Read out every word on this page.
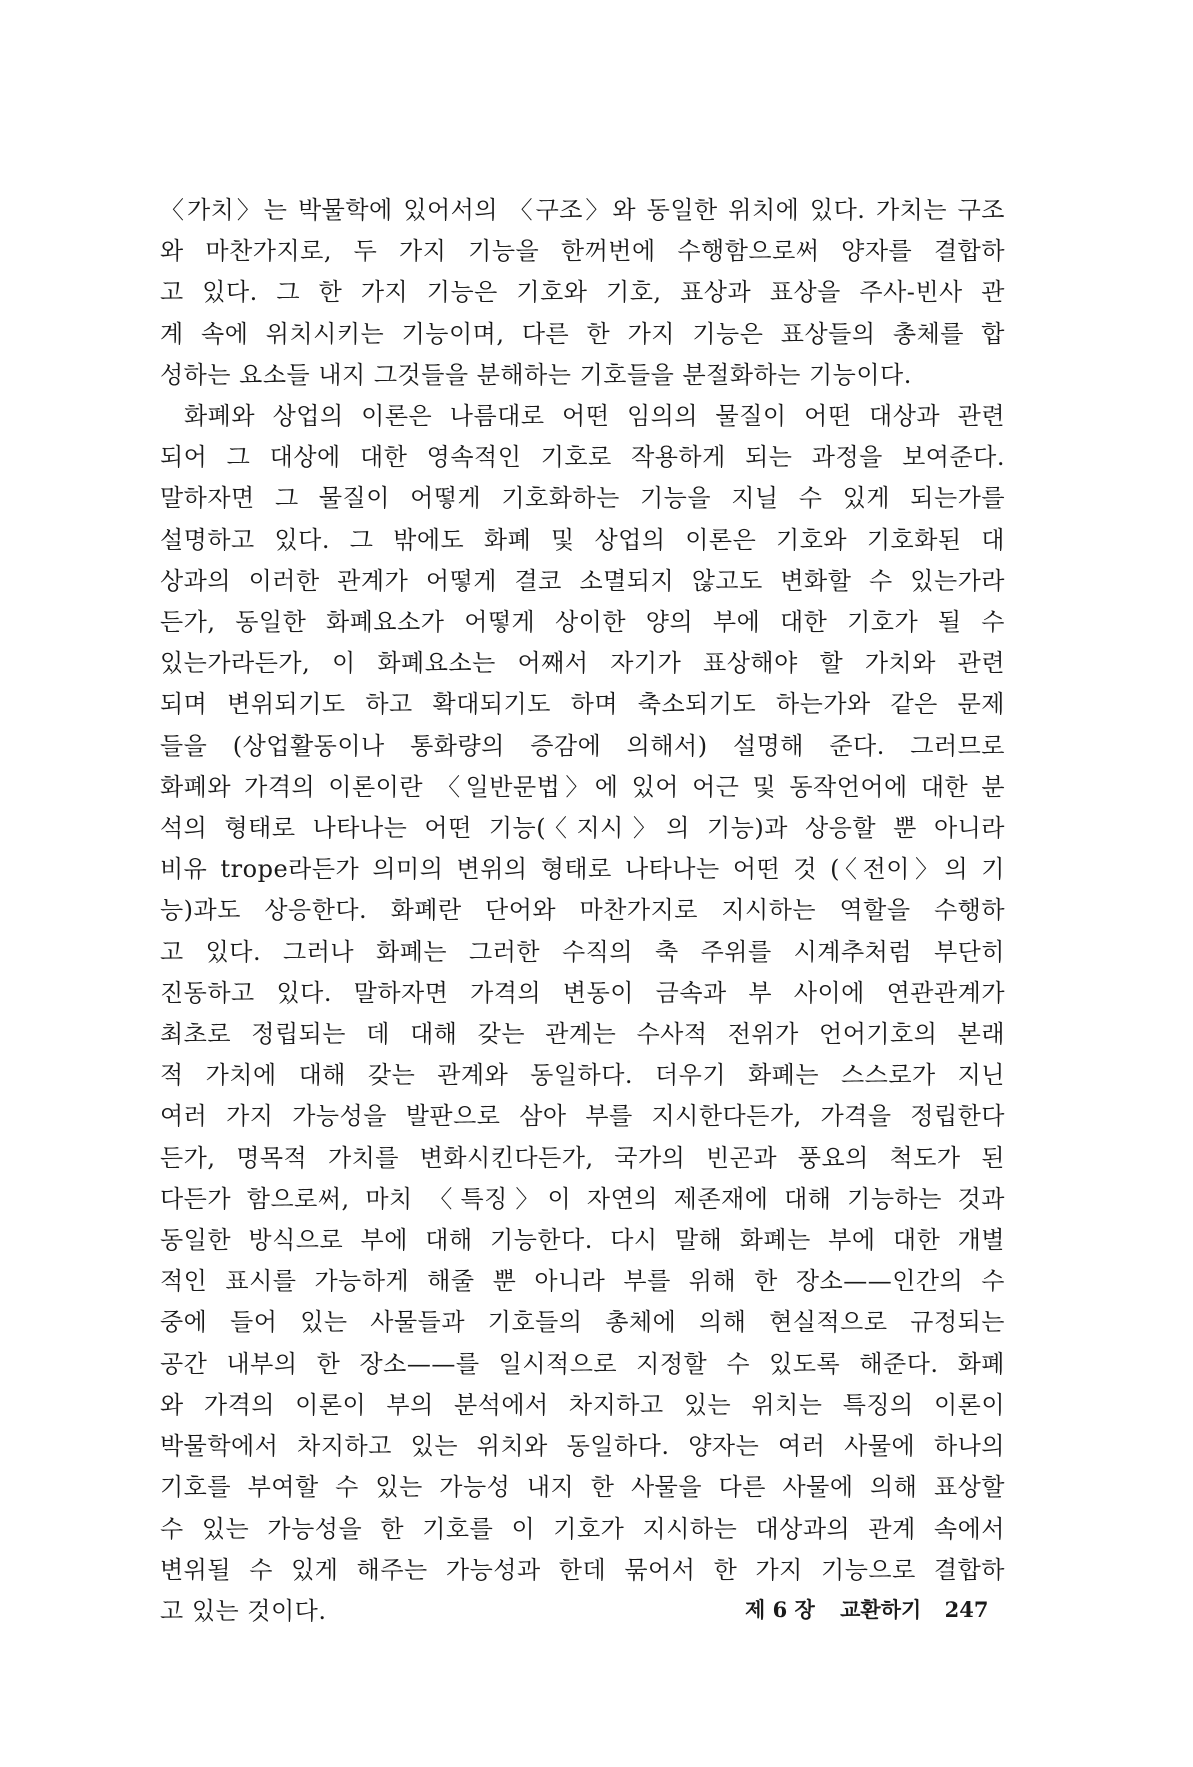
〈가치〉는 박물학에 있어서의 〈구조〉와 동일한 위치에 있다. 가치는 구조

와 마찬가지로, 두 가지 기능을 한꺼번에 수행함으로써 양자를 결합하

고 있다. 그 한 가지 기능은 기호와 기호, 표상과 표상을 주사-빈사 관

계 속에 위치시키는 기능이며, 다른 한 가지 기능은 표상들의 총체를 합

성하는 요소들 내지 그것들을 분해하는 기호들을 분절화하는 기능이다.

화폐와 상업의 이론은 나름대로 어떤 임의의 물질이 어떤 대상과 관련

되어 그 대상에 대한 영속적인 기호로 작용하게 되는 과정을 보여준다.

말하자면 그 물질이 어떻게 기호화하는 기능을 지닐 수 있게 되는가를

설명하고 있다. 그 밖에도 화폐 및 상업의 이론은 기호와 기호화된 대

상과의 이러한 관계가 어떻게 결코 소멸되지 않고도 변화할 수 있는가라

든가, 동일한 화폐요소가 어떻게 상이한 양의 부에 대한 기호가 될 수

있는가라든가, 이 화폐요소는 어째서 자기가 표상해야 할 가치와 관련

되며 변위되기도 하고 확대되기도 하며 축소되기도 하는가와 같은 문제

들을 (상업활동이나 통화량의 증감에 의해서) 설명해 준다. 그러므로

화폐와 가격의 이론이란 〈일반문법〉에 있어 어근 및 동작언어에 대한 분

석의 형태로 나타나는 어떤 기능(〈지시〉의 기능)과 상응할 뿐 아니라

비유 trope라든가 의미의 변위의 형태로 나타나는 어떤 것 (〈전이〉의 기

능)과도 상응한다. 화폐란 단어와 마찬가지로 지시하는 역할을 수행하

고 있다. 그러나 화폐는 그러한 수직의 축 주위를 시계추처럼 부단히

진동하고 있다. 말하자면 가격의 변동이 금속과 부 사이에 연관관계가

최초로 정립되는 데 대해 갖는 관계는 수사적 전위가 언어기호의 본래

적 가치에 대해 갖는 관계와 동일하다. 더우기 화폐는 스스로가 지닌

여러 가지 가능성을 발판으로 삼아 부를 지시한다든가, 가격을 정립한다

든가, 명목적 가치를 변화시킨다든가, 국가의 빈곤과 풍요의 척도가 된

다든가 함으로써, 마치 〈특징〉이 자연의 제존재에 대해 기능하는 것과

동일한 방식으로 부에 대해 기능한다. 다시 말해 화폐는 부에 대한 개별

적인 표시를 가능하게 해줄 뿐 아니라 부를 위해 한 장소——인간의 수

중에 들어 있는 사물들과 기호들의 총체에 의해 현실적으로 규정되는

공간 내부의 한 장소——를 일시적으로 지정할 수 있도록 해준다. 화폐

와 가격의 이론이 부의 분석에서 차지하고 있는 위치는 특징의 이론이

박물학에서 차지하고 있는 위치와 동일하다. 양자는 여러 사물에 하나의

기호를 부여할 수 있는 가능성 내지 한 사물을 다른 사물에 의해 표상할

수 있는 가능성을 한 기호를 이 기호가 지시하는 대상과의 관계 속에서

변위될 수 있게 해주는 가능성과 한데 묶어서 한 가지 기능으로 결합하

고 있는 것이다.	제 6 장 교환하기 247
